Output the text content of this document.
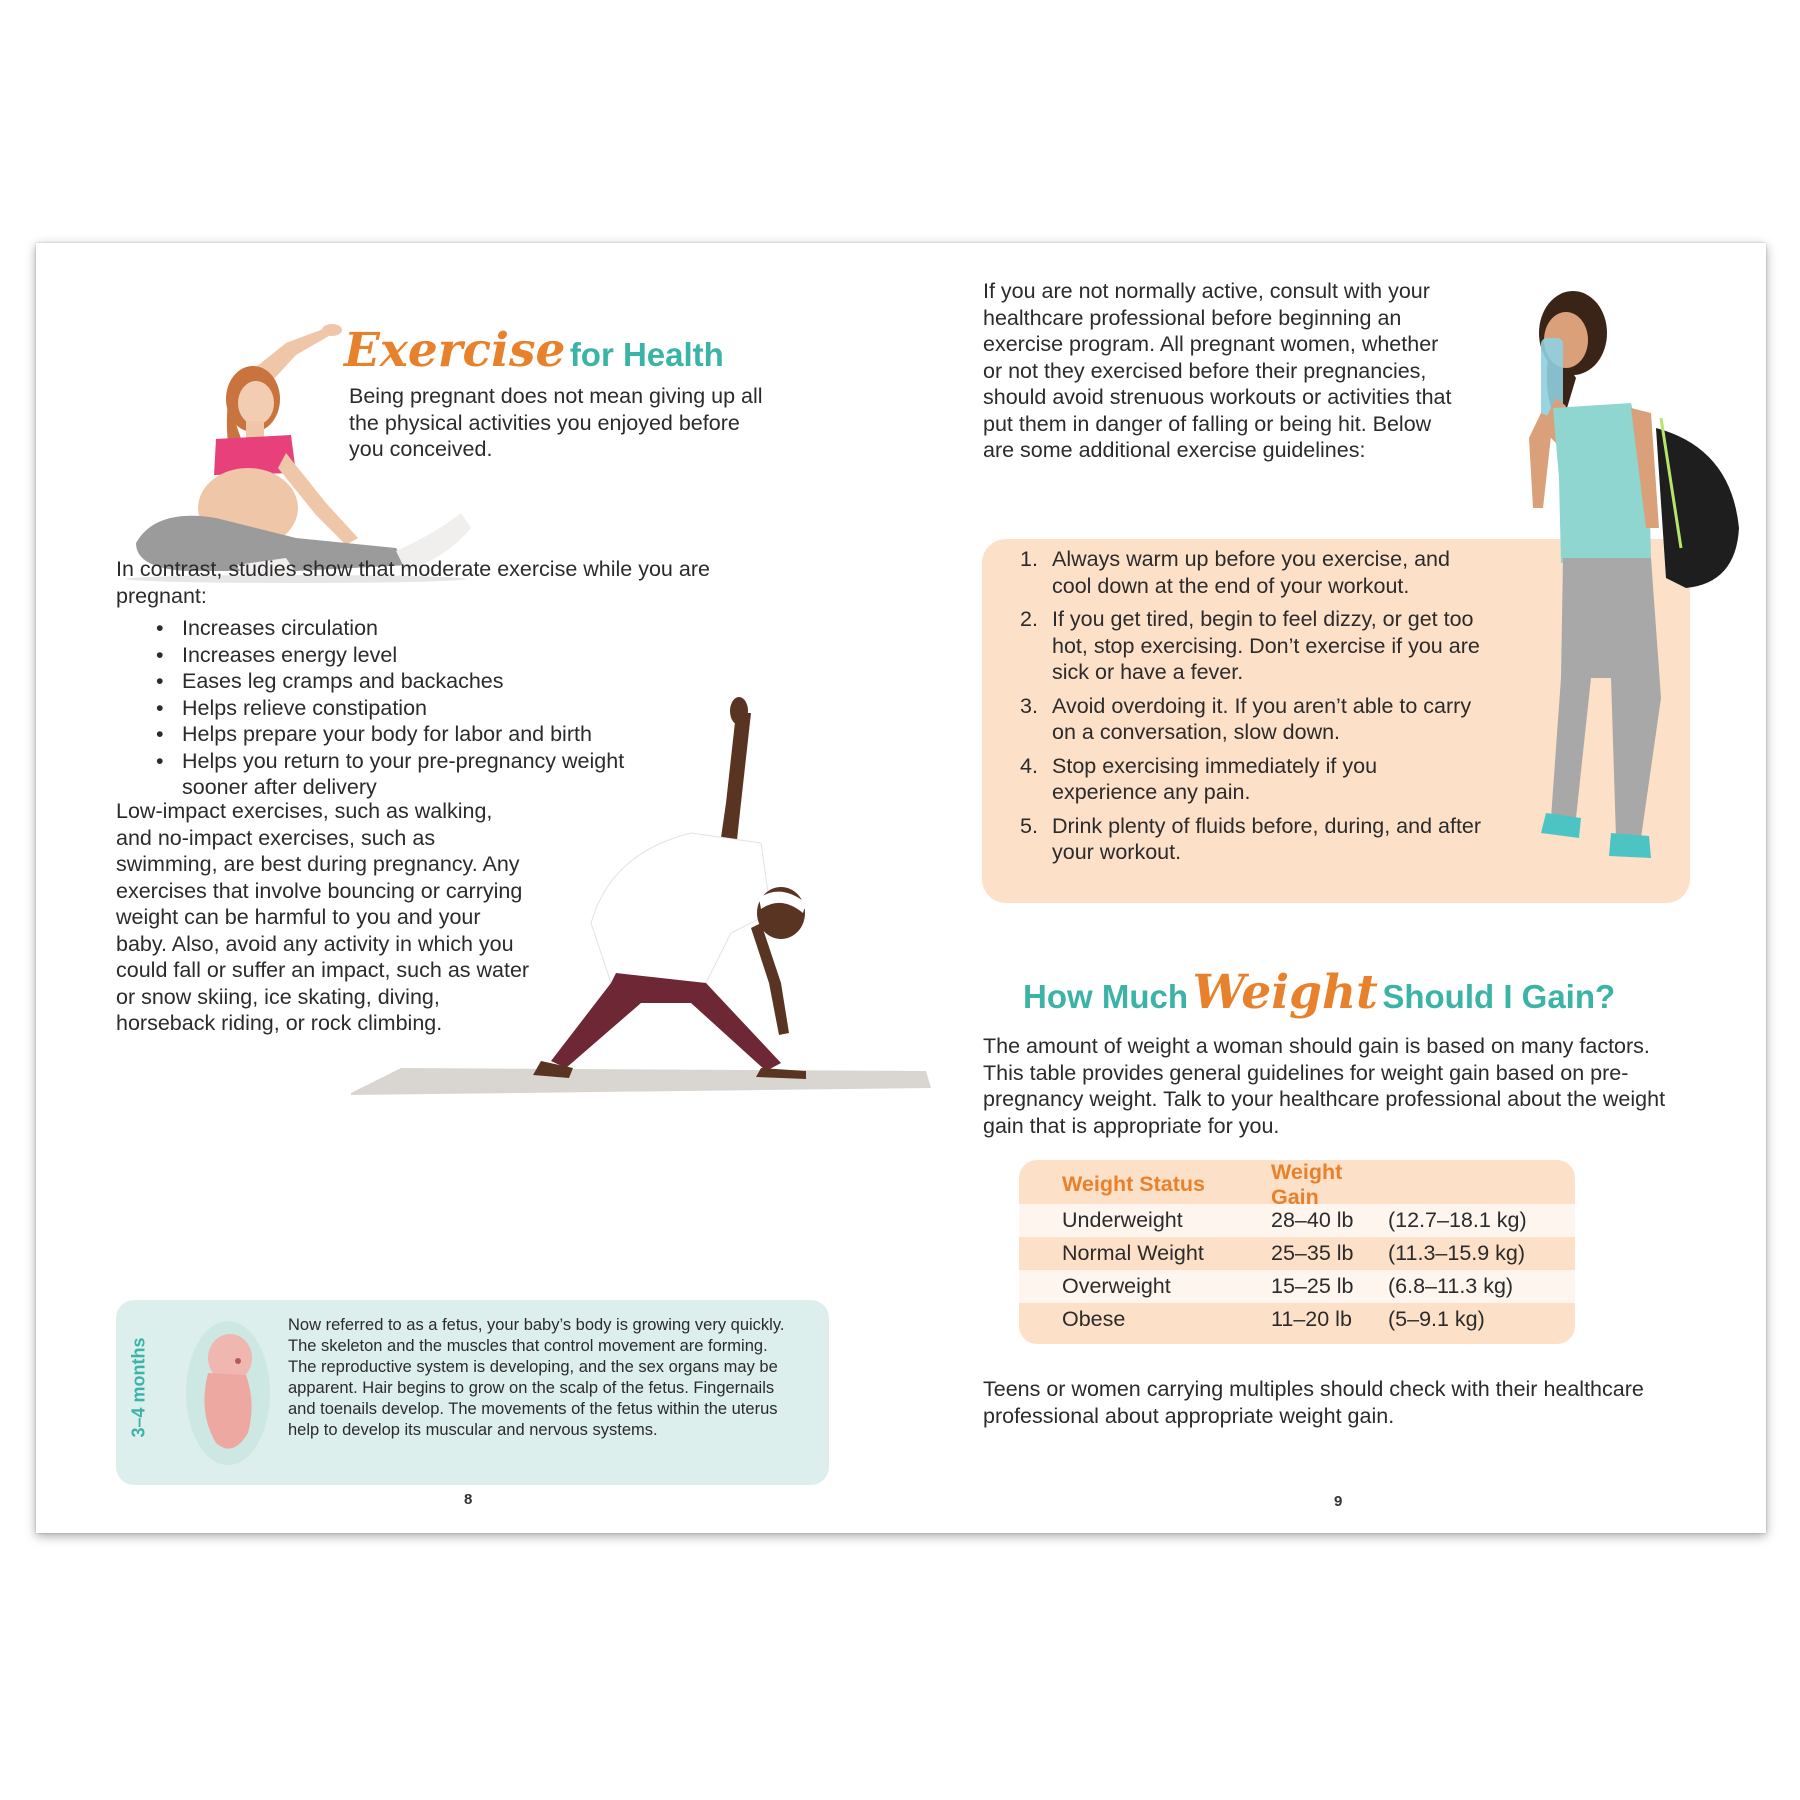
Exercise for Health
Being pregnant does not mean giving up all the physical activities you enjoyed before you conceived.
In contrast, studies show that moderate exercise while you are pregnant:
• Increases circulation
• Increases energy level
• Eases leg cramps and backaches
• Helps relieve constipation
• Helps prepare your body for labor and birth
• Helps you return to your pre-pregnancy weight sooner after delivery
Low-impact exercises, such as walking, and no-impact exercises, such as swimming, are best during pregnancy. Any exercises that involve bouncing or carrying weight can be harmful to you and your baby. Also, avoid any activity in which you could fall or suffer an impact, such as water or snow skiing, ice skating, diving, horseback riding, or rock climbing.
3–4 months
Now referred to as a fetus, your baby’s body is growing very quickly. The skeleton and the muscles that control movement are forming. The reproductive system is developing, and the sex organs may be apparent. Hair begins to grow on the scalp of the fetus. Fingernails and toenails develop. The movements of the fetus within the uterus help to develop its muscular and nervous systems.
8
If you are not normally active, consult with your healthcare professional before beginning an exercise program. All pregnant women, whether or not they exercised before their pregnancies, should avoid strenuous workouts or activities that put them in danger of falling or being hit. Below are some additional exercise guidelines:
1. Always warm up before you exercise, and cool down at the end of your workout.
2. If you get tired, begin to feel dizzy, or get too hot, stop exercising. Don’t exercise if you are sick or have a fever.
3. Avoid overdoing it. If you aren’t able to carry on a conversation, slow down.
4. Stop exercising immediately if you experience any pain.
5. Drink plenty of fluids before, during, and after your workout.
How Much Weight Should I Gain?
The amount of weight a woman should gain is based on many factors. This table provides general guidelines for weight gain based on pre-pregnancy weight. Talk to your healthcare professional about the weight gain that is appropriate for you.
Weight Status
Weight Gain
Underweight	28–40 lb	(12.7–18.1 kg)
Normal Weight	25–35 lb	(11.3–15.9 kg)
Overweight	15–25 lb	(6.8–11.3 kg)
Obese	11–20 lb	(5–9.1 kg)
Teens or women carrying multiples should check with their healthcare professional about appropriate weight gain.
9
